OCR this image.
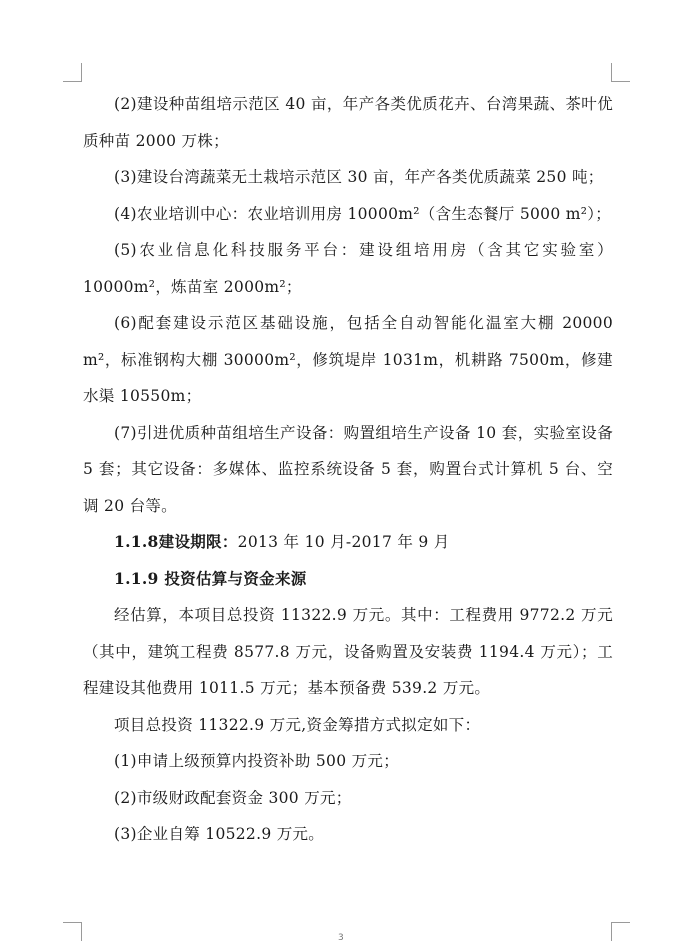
(2)建设种苗组培示范区 40 亩，年产各类优质花卉、台湾果蔬、茶叶优质种苗 2000 万株；

(3)建设台湾蔬菜无土栽培示范区 30 亩，年产各类优质蔬菜 250 吨；

(4)农业培训中心：农业培训用房 10000m²（含生态餐厅 5000 m²）；

(5)农业信息化科技服务平台：建设组培用房（含其它实验室）10000m²，炼苗室 2000m²；

(6)配套建设示范区基础设施，包括全自动智能化温室大棚 20000 m²，标准钢构大棚 30000m²，修筑堤岸 1031m，机耕路 7500m，修建水渠 10550m；

(7)引进优质种苗组培生产设备：购置组培生产设备 10 套，实验室设备 5 套；其它设备：多媒体、监控系统设备 5 套，购置台式计算机 5 台、空调 20 台等。

1.1.8建设期限：2013 年 10 月-2017 年 9 月

1.1.9 投资估算与资金来源

经估算，本项目总投资 11322.9 万元。其中：工程费用 9772.2 万元（其中，建筑工程费 8577.8 万元，设备购置及安装费 1194.4 万元）；工程建设其他费用 1011.5 万元；基本预备费 539.2 万元。

项目总投资 11322.9 万元,资金筹措方式拟定如下：

(1)申请上级预算内投资补助 500 万元；

(2)市级财政配套资金 300 万元；

(3)企业自筹 10522.9 万元。

3
